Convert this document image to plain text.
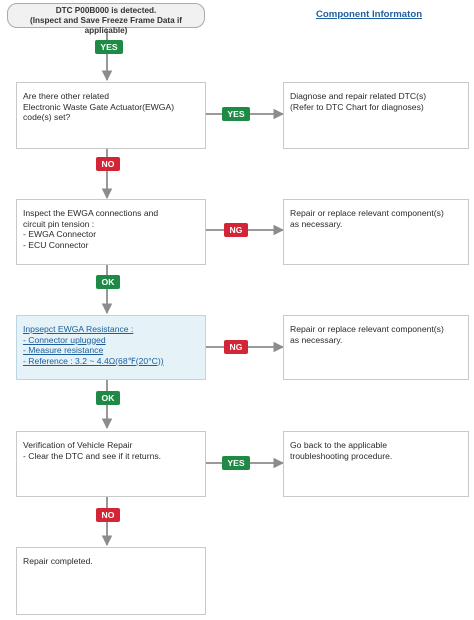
DTC P00B000 is detected.
(Inspect and Save Freeze Frame Data if applicable)
Component Informaton
YES
NO
OK
OK
NO
YES
NG
NG
YES
Are there other related
Electronic Waste Gate Actuator(EWGA)
code(s) set?
Diagnose and repair related DTC(s)
(Refer to DTC Chart for diagnoses)
Inspect the EWGA connections and
circuit pin tension :
- EWGA Connector
- ECU Connector
Repair or replace relevant component(s)
as necessary.
Inpsepct EWGA Resistance :
- Connector uplugged
- Measure resistance
- Reference : 3.2 ~ 4.4Ω(68℉(20°C))
Repair or replace relevant component(s)
as necessary.
Verification of Vehicle Repair
- Clear the DTC and see if it returns.
Go back to the applicable
troubleshooting procedure.
Repair completed.
